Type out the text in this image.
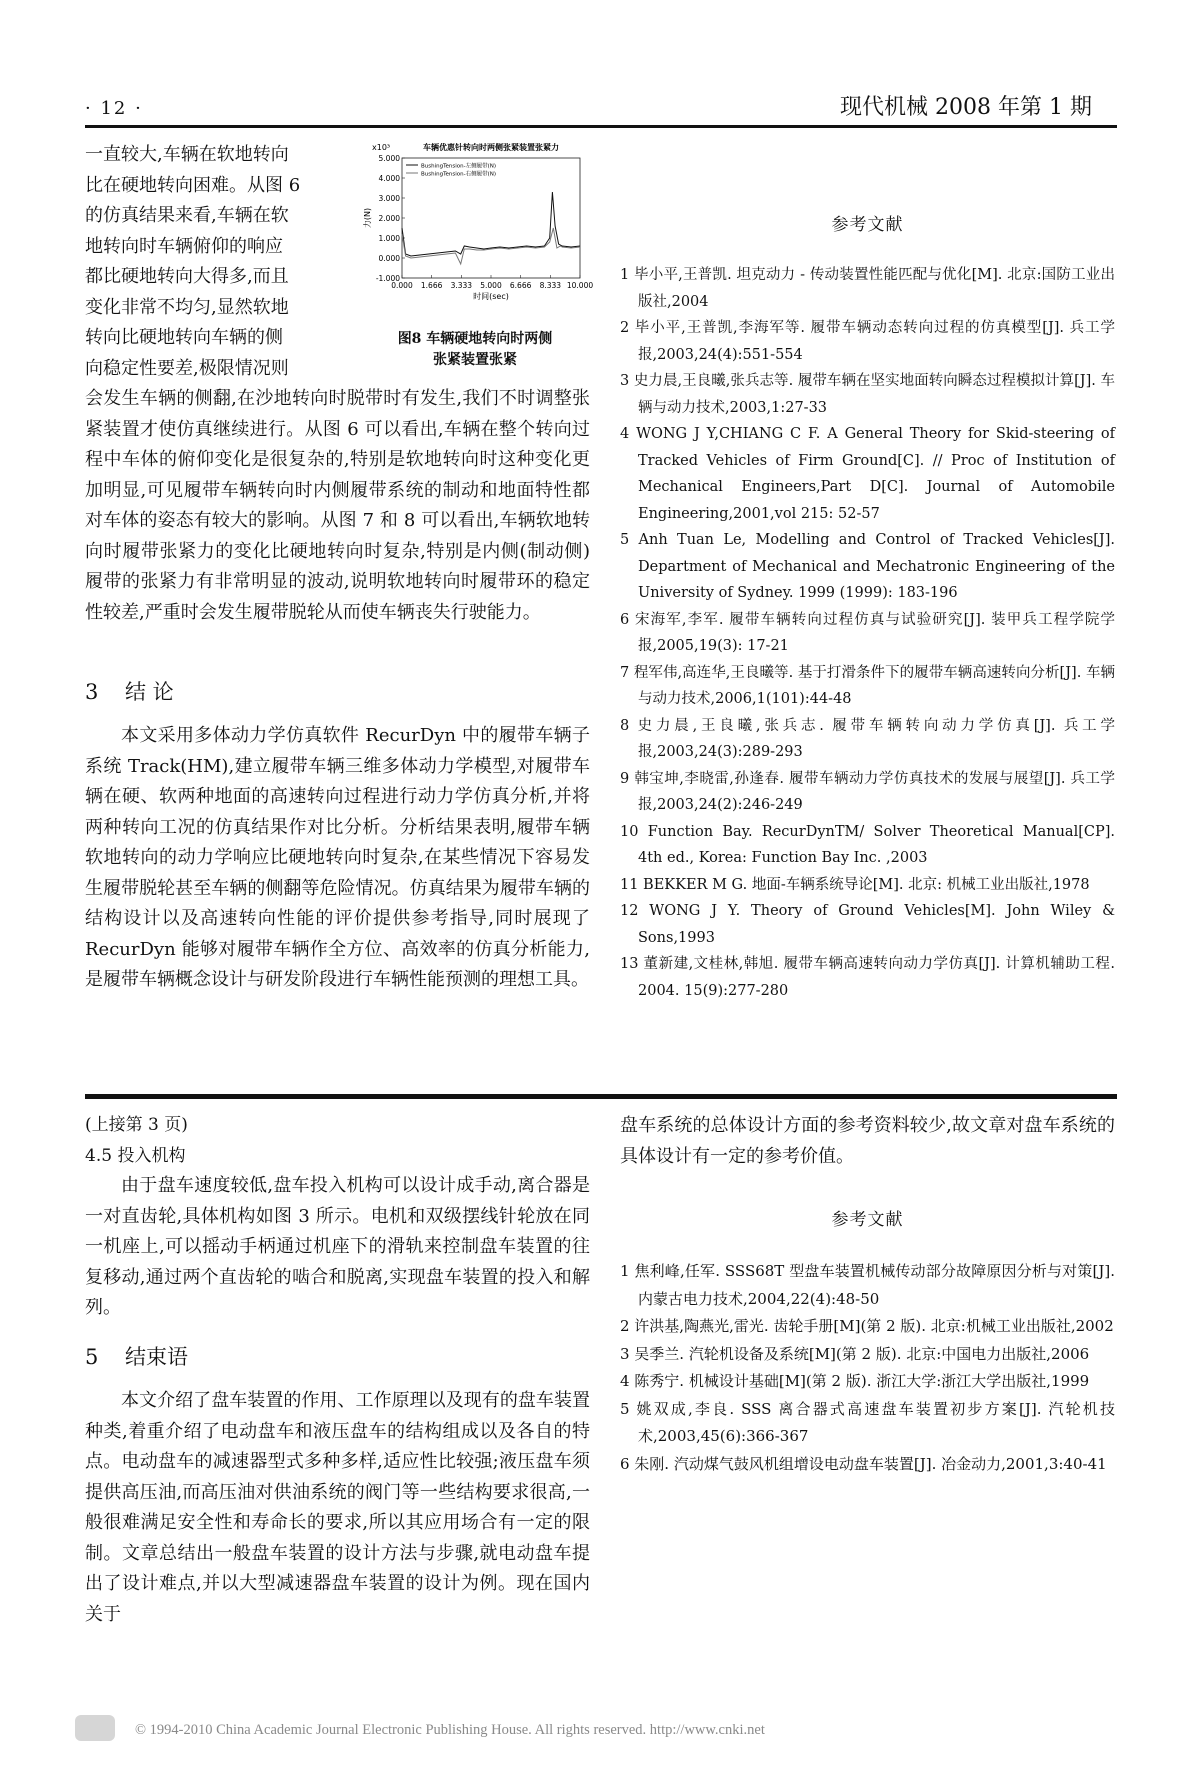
· 12 ·	现代机械 2008 年第 1 期
一直较大,车辆在软地转向
比在硬地转向困难。从图 6
的仿真结果来看,车辆在软
地转向时车辆俯仰的响应
都比硬地转向大得多,而且
变化非常不均匀,显然软地
转向比硬地转向车辆的侧
向稳定性要差,极限情况则
车辆优惠针转向时两侧张紧装置张紧力
x10³
5.000
4.000
3.000
2.000
1.000
0.000
-1.000
0.000 1.666 3.333 5.000 6.666 8.333 10.000
时间(sec)
力(N)
BushingTension-左侧履带(N)
BushingTension-右侧履带(N)
图8 车辆硬地转向时两侧
张紧装置张紧

会发生车辆的侧翻,在沙地转向时脱带时有发生,我们不时调整张紧装置才使仿真继续进行。从图 6 可以看出,车辆在整个转向过程中车体的俯仰变化是很复杂的,特别是软地转向时这种变化更加明显,可见履带车辆转向时内侧履带系统的制动和地面特性都对车体的姿态有较大的影响。从图 7 和 8 可以看出,车辆软地转向时履带张紧力的变化比硬地转向时复杂,特别是内侧(制动侧)履带的张紧力有非常明显的波动,说明软地转向时履带环的稳定性较差,严重时会发生履带脱轮从而使车辆丧失行驶能力。

3 结 论

本文采用多体动力学仿真软件 RecurDyn 中的履带车辆子系统 Track(HM),建立履带车辆三维多体动力学模型,对履带车辆在硬、软两种地面的高速转向过程进行动力学仿真分析,并将两种转向工况的仿真结果作对比分析。分析结果表明,履带车辆软地转向的动力学响应比硬地转向时复杂,在某些情况下容易发生履带脱轮甚至车辆的侧翻等危险情况。仿真结果为履带车辆的结构设计以及高速转向性能的评价提供参考指导,同时展现了 RecurDyn 能够对履带车辆作全方位、高效率的仿真分析能力,是履带车辆概念设计与研发阶段进行车辆性能预测的理想工具。

参考文献
1 毕小平,王普凯. 坦克动力 - 传动装置性能匹配与优化[M]. 北京:国防工业出版社,2004
2 毕小平,王普凯,李海军等. 履带车辆动态转向过程的仿真模型[J]. 兵工学报,2003,24(4):551-554
3 史力晨,王良曦,张兵志等. 履带车辆在坚实地面转向瞬态过程模拟计算[J]. 车辆与动力技术,2003,1:27-33
4 WONG J Y,CHIANG C F. A General Theory for Skid-steering of Tracked Vehicles of Firm Ground[C]. // Proc of Institution of Mechanical Engineers,Part D[C]. Journal of Automobile Engineering,2001,vol 215: 52-57
5 Anh Tuan Le, Modelling and Control of Tracked Vehicles[J]. Department of Mechanical and Mechatronic Engineering of the University of Sydney. 1999 (1999): 183-196
6 宋海军,李军. 履带车辆转向过程仿真与试验研究[J]. 装甲兵工程学院学报,2005,19(3): 17-21
7 程军伟,高连华,王良曦等. 基于打滑条件下的履带车辆高速转向分析[J]. 车辆与动力技术,2006,1(101):44-48
8 史力晨,王良曦,张兵志. 履带车辆转向动力学仿真[J]. 兵工学报,2003,24(3):289-293
9 韩宝坤,李晓雷,孙逢春. 履带车辆动力学仿真技术的发展与展望[J]. 兵工学报,2003,24(2):246-249
10 Function Bay. RecurDynTM/ Solver Theoretical Manual[CP]. 4th ed., Korea: Function Bay Inc. ,2003
11 BEKKER M G. 地面-车辆系统导论[M]. 北京: 机械工业出版社,1978
12 WONG J Y. Theory of Ground Vehicles[M]. John Wiley & Sons,1993
13 董新建,文桂林,韩旭. 履带车辆高速转向动力学仿真[J]. 计算机辅助工程. 2004. 15(9):277-280
(上接第 3 页)
4.5 投入机构

由于盘车速度较低,盘车投入机构可以设计成手动,离合器是一对直齿轮,具体机构如图 3 所示。电机和双级摆线针轮放在同一机座上,可以摇动手柄通过机座下的滑轨来控制盘车装置的往复移动,通过两个直齿轮的啮合和脱离,实现盘车装置的投入和解列。

5 结束语

本文介绍了盘车装置的作用、工作原理以及现有的盘车装置种类,着重介绍了电动盘车和液压盘车的结构组成以及各自的特点。电动盘车的减速器型式多种多样,适应性比较强;液压盘车须提供高压油,而高压油对供油系统的阀门等一些结构要求很高,一般很难满足安全性和寿命长的要求,所以其应用场合有一定的限制。文章总结出一般盘车装置的设计方法与步骤,就电动盘车提出了设计难点,并以大型减速器盘车装置的设计为例。现在国内关于

盘车系统的总体设计方面的参考资料较少,故文章对盘车系统的具体设计有一定的参考价值。

参考文献
1 焦利峰,任军. SSS68T 型盘车装置机械传动部分故障原因分析与对策[J]. 内蒙古电力技术,2004,22(4):48-50
2 许洪基,陶燕光,雷光. 齿轮手册[M](第 2 版). 北京:机械工业出版社,2002
3 吴季兰. 汽轮机设备及系统[M](第 2 版). 北京:中国电力出版社,2006
4 陈秀宁. 机械设计基础[M](第 2 版). 浙江大学:浙江大学出版社,1999
5 姚双成,李良. SSS 离合器式高速盘车装置初步方案[J]. 汽轮机技术,2003,45(6):366-367
6 朱刚. 汽动煤气鼓风机组增设电动盘车装置[J]. 冶金动力,2001,3:40-41
© 1994-2010 China Academic Journal Electronic Publishing House. All rights reserved. http://www.cnki.net
